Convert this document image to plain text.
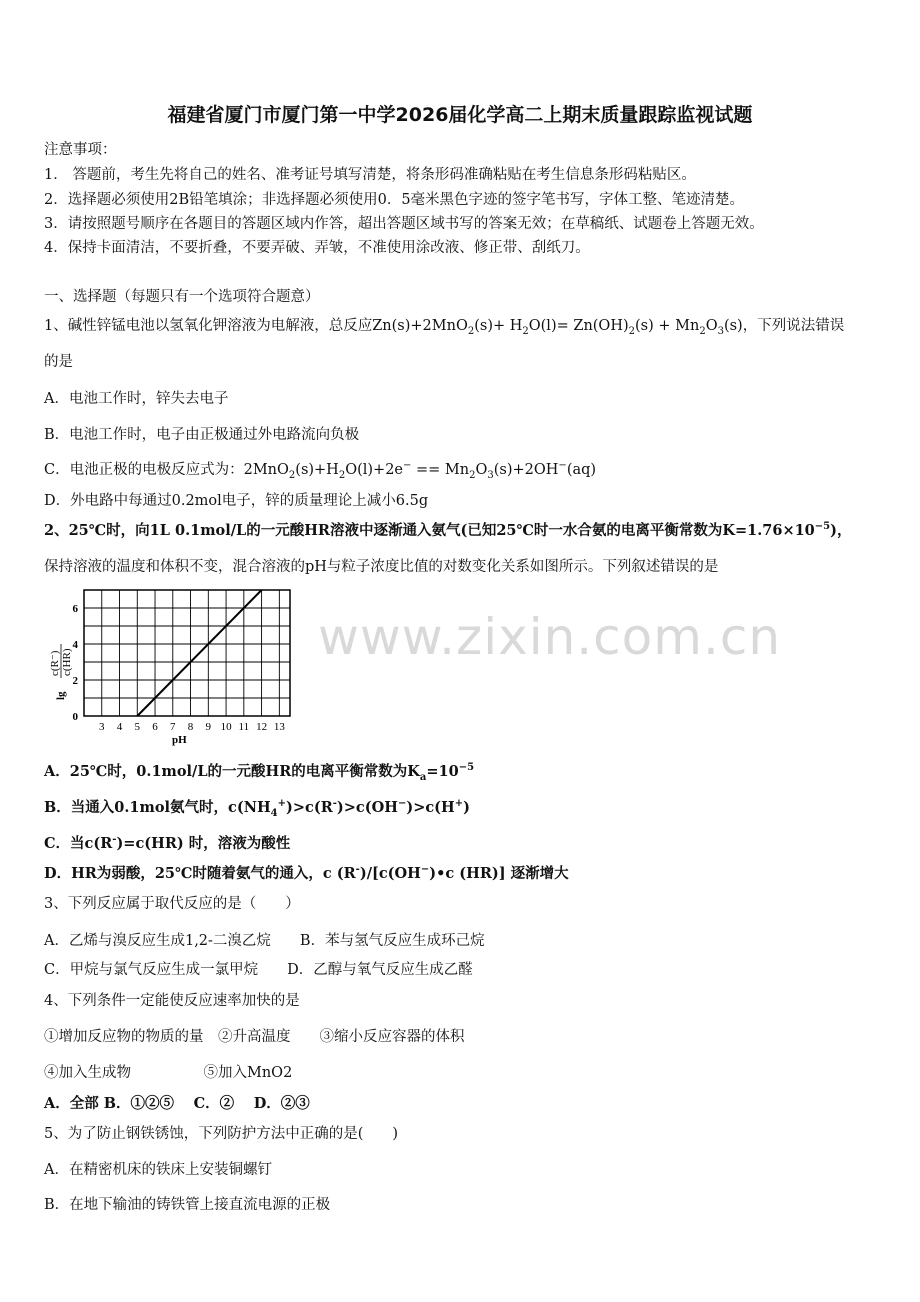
www.zixin.com.cn
福建省厦门市厦门第一中学2026届化学高二上期末质量跟踪监视试题
注意事项：
1． 答题前，考生先将自己的姓名、准考证号填写清楚，将条形码准确粘贴在考生信息条形码粘贴区。
2．选择题必须使用2B铅笔填涂；非选择题必须使用0．5毫米黑色字迹的签字笔书写，字体工整、笔迹清楚。
3．请按照题号顺序在各题目的答题区域内作答，超出答题区域书写的答案无效；在草稿纸、试题卷上答题无效。
4．保持卡面清洁，不要折叠，不要弄破、弄皱，不准使用涂改液、修正带、刮纸刀。
一、选择题（每题只有一个选项符合题意）
1、碱性锌锰电池以氢氧化钾溶液为电解液，总反应$Zn(s)+2MnO_2(s)+ H_2O(l)= Zn(OH)_2(s) + Mn_2O_3(s)$，下列说法错误
的是
A．电池工作时，锌失去电子
B．电池工作时，电子由正极通过外电路流向负极
C．电池正极的电极反应式为：$2MnO_2(s)+H_2O(l)+2e^- == Mn_2O_3(s)+2OH^-(aq)$
D．外电路中每通过0.2mol电子，锌的质量理论上减小6.5g
2、25℃时，向1L 0.1mol/L的一元酸HR溶液中逐渐通入氨气(已知25℃时一水合氨的电离平衡常数为$K=1.76\times 10^{-5}$)，
保持溶液的温度和体积不变，混合溶液的pH与粒子浓度比值的对数变化关系如图所示。下列叙述错误的是
3 4 5 6 7 8 9 10 11 12 13
0
2
4
6
pH
lg
c(R⁻) c(HR)
A．25℃时，0.1mol/L的一元酸HR的电离平衡常数为$K_a=10^{-5}$
B．当通入0.1mol氨气时，$c(NH_4^+)>c(R^-)>c(OH^-)>c(H^+)$
C．当c(R-)=c(HR) 时，溶液为酸性
D．HR为弱酸，25℃时随着氨气的通入，c (R-)/[c(OH−)•c (HR)] 逐渐增大
3、下列反应属于取代反应的是（　　）
A．乙烯与溴反应生成1,2-二溴乙烷　　B．苯与氢气反应生成环己烷
C．甲烷与氯气反应生成一氯甲烷　　D．乙醇与氧气反应生成乙醛
4、下列条件一定能使反应速率加快的是
①增加反应物的物质的量　②升高温度　　③缩小反应容器的体积
④加入生成物　　　　　⑤加入MnO2
A．全部 B．①②⑤　 C．②　 D．②③
5、为了防止钢铁锈蚀，下列防护方法中正确的是(　　)
A．在精密机床的铁床上安装铜螺钉
B．在地下输油的铸铁管上接直流电源的正极
